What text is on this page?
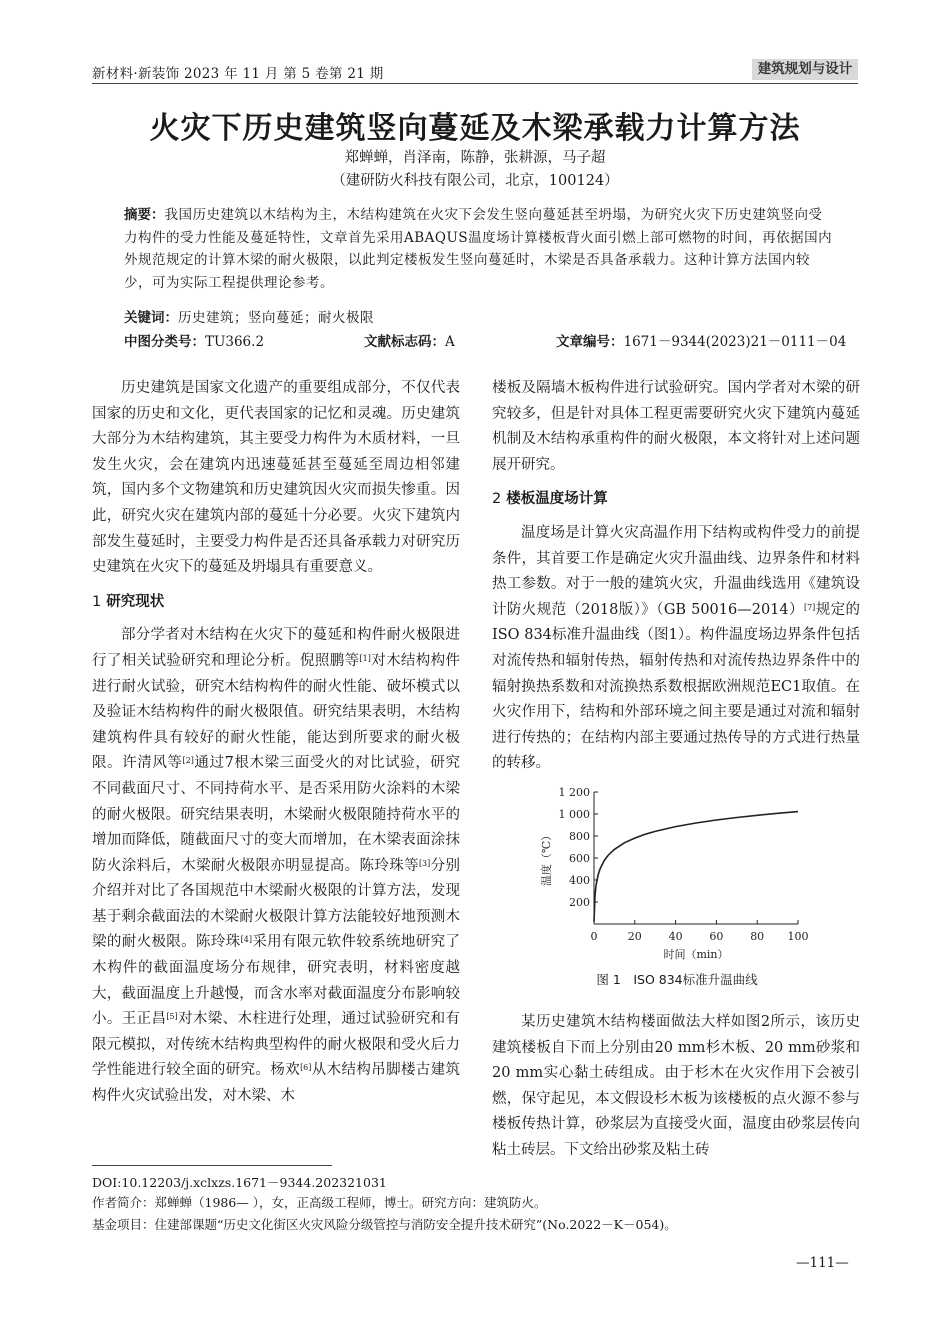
新材料·新装饰 2023 年 11 月 第 5 卷第 21 期	建筑规划与设计
火灾下历史建筑竖向蔓延及木梁承载力计算方法
郑蝉蝉，肖泽南，陈静，张耕源，马子超
（建研防火科技有限公司，北京，100124）
摘要：我国历史建筑以木结构为主，木结构建筑在火灾下会发生竖向蔓延甚至坍塌，为研究火灾下历史建筑竖向受力构件的受力性能及蔓延特性，文章首先采用ABAQUS温度场计算楼板背火面引燃上部可燃物的时间，再依据国内外规范规定的计算木梁的耐火极限，以此判定楼板发生竖向蔓延时，木梁是否具备承载力。这种计算方法国内较少，可为实际工程提供理论参考。
关键词：历史建筑；竖向蔓延；耐火极限
中图分类号：TU366.2	文献标志码：A	文章编号：1671－9344(2023)21－0111－04

历史建筑是国家文化遗产的重要组成部分，不仅代表国家的历史和文化，更代表国家的记忆和灵魂。历史建筑大部分为木结构建筑，其主要受力构件为木质材料，一旦发生火灾，会在建筑内迅速蔓延甚至蔓延至周边相邻建筑，国内多个文物建筑和历史建筑因火灾而损失惨重。因此，研究火灾在建筑内部的蔓延十分必要。火灾下建筑内部发生蔓延时，主要受力构件是否还具备承载力对研究历史建筑在火灾下的蔓延及坍塌具有重要意义。

1 研究现状

部分学者对木结构在火灾下的蔓延和构件耐火极限进行了相关试验研究和理论分析。倪照鹏等[1]对木结构构件进行耐火试验，研究木结构构件的耐火性能、破坏模式以及验证木结构构件的耐火极限值。研究结果表明，木结构建筑构件具有较好的耐火性能，能达到所要求的耐火极限。许清风等[2]通过7根木梁三面受火的对比试验，研究不同截面尺寸、不同持荷水平、是否采用防火涂料的木梁的耐火极限。研究结果表明，木梁耐火极限随持荷水平的增加而降低，随截面尺寸的变大而增加，在木梁表面涂抹防火涂料后，木梁耐火极限亦明显提高。陈玲珠等[3]分别介绍并对比了各国规范中木梁耐火极限的计算方法，发现基于剩余截面法的木梁耐火极限计算方法能较好地预测木梁的耐火极限。陈玲珠[4]采用有限元软件较系统地研究了木构件的截面温度场分布规律，研究表明，材料密度越大，截面温度上升越慢，而含水率对截面温度分布影响较小。王正昌[5]对木梁、木柱进行处理，通过试验研究和有限元模拟，对传统木结构典型构件的耐火极限和受火后力学性能进行较全面的研究。杨欢[6]从木结构吊脚楼古建筑构件火灾试验出发，对木梁、木

楼板及隔墙木板构件进行试验研究。国内学者对木梁的研究较多，但是针对具体工程更需要研究火灾下建筑内蔓延机制及木结构承重构件的耐火极限，本文将针对上述问题展开研究。

2 楼板温度场计算

温度场是计算火灾高温作用下结构或构件受力的前提条件，其首要工作是确定火灾升温曲线、边界条件和材料热工参数。对于一般的建筑火灾，升温曲线选用《建筑设计防火规范（2018版）》（GB 50016—2014）[7]规定的ISO 834标准升温曲线（图1）。构件温度场边界条件包括对流传热和辐射传热，辐射传热和对流传热边界条件中的辐射换热系数和对流换热系数根据欧洲规范EC1取值。在火灾作用下，结构和外部环境之间主要是通过对流和辐射进行传热的；在结构内部主要通过热传导的方式进行热量的转移。

200
400
600
800
1 000
1 200
0	20 40 60 80 100
时间（min）
温度（℃）
图 1　ISO 834标准升温曲线

某历史建筑木结构楼面做法大样如图2所示，该历史建筑楼板自下而上分别由20 mm杉木板、20 mm砂浆和20 mm实心黏土砖组成。由于杉木在火灾作用下会被引燃，保守起见，本文假设杉木板为该楼板的点火源不参与楼板传热计算，砂浆层为直接受火面，温度由砂浆层传向粘土砖层。下文给出砂浆及粘土砖

DOI:10.12203/j.xclxzs.1671－9344.202321031
作者简介：郑蝉蝉（1986— ），女，正高级工程师，博士。研究方向：建筑防火。
基金项目：住建部课题“历史文化街区火灾风险分级管控与消防安全提升技术研究”(No.2022－K－054)。
—111—
